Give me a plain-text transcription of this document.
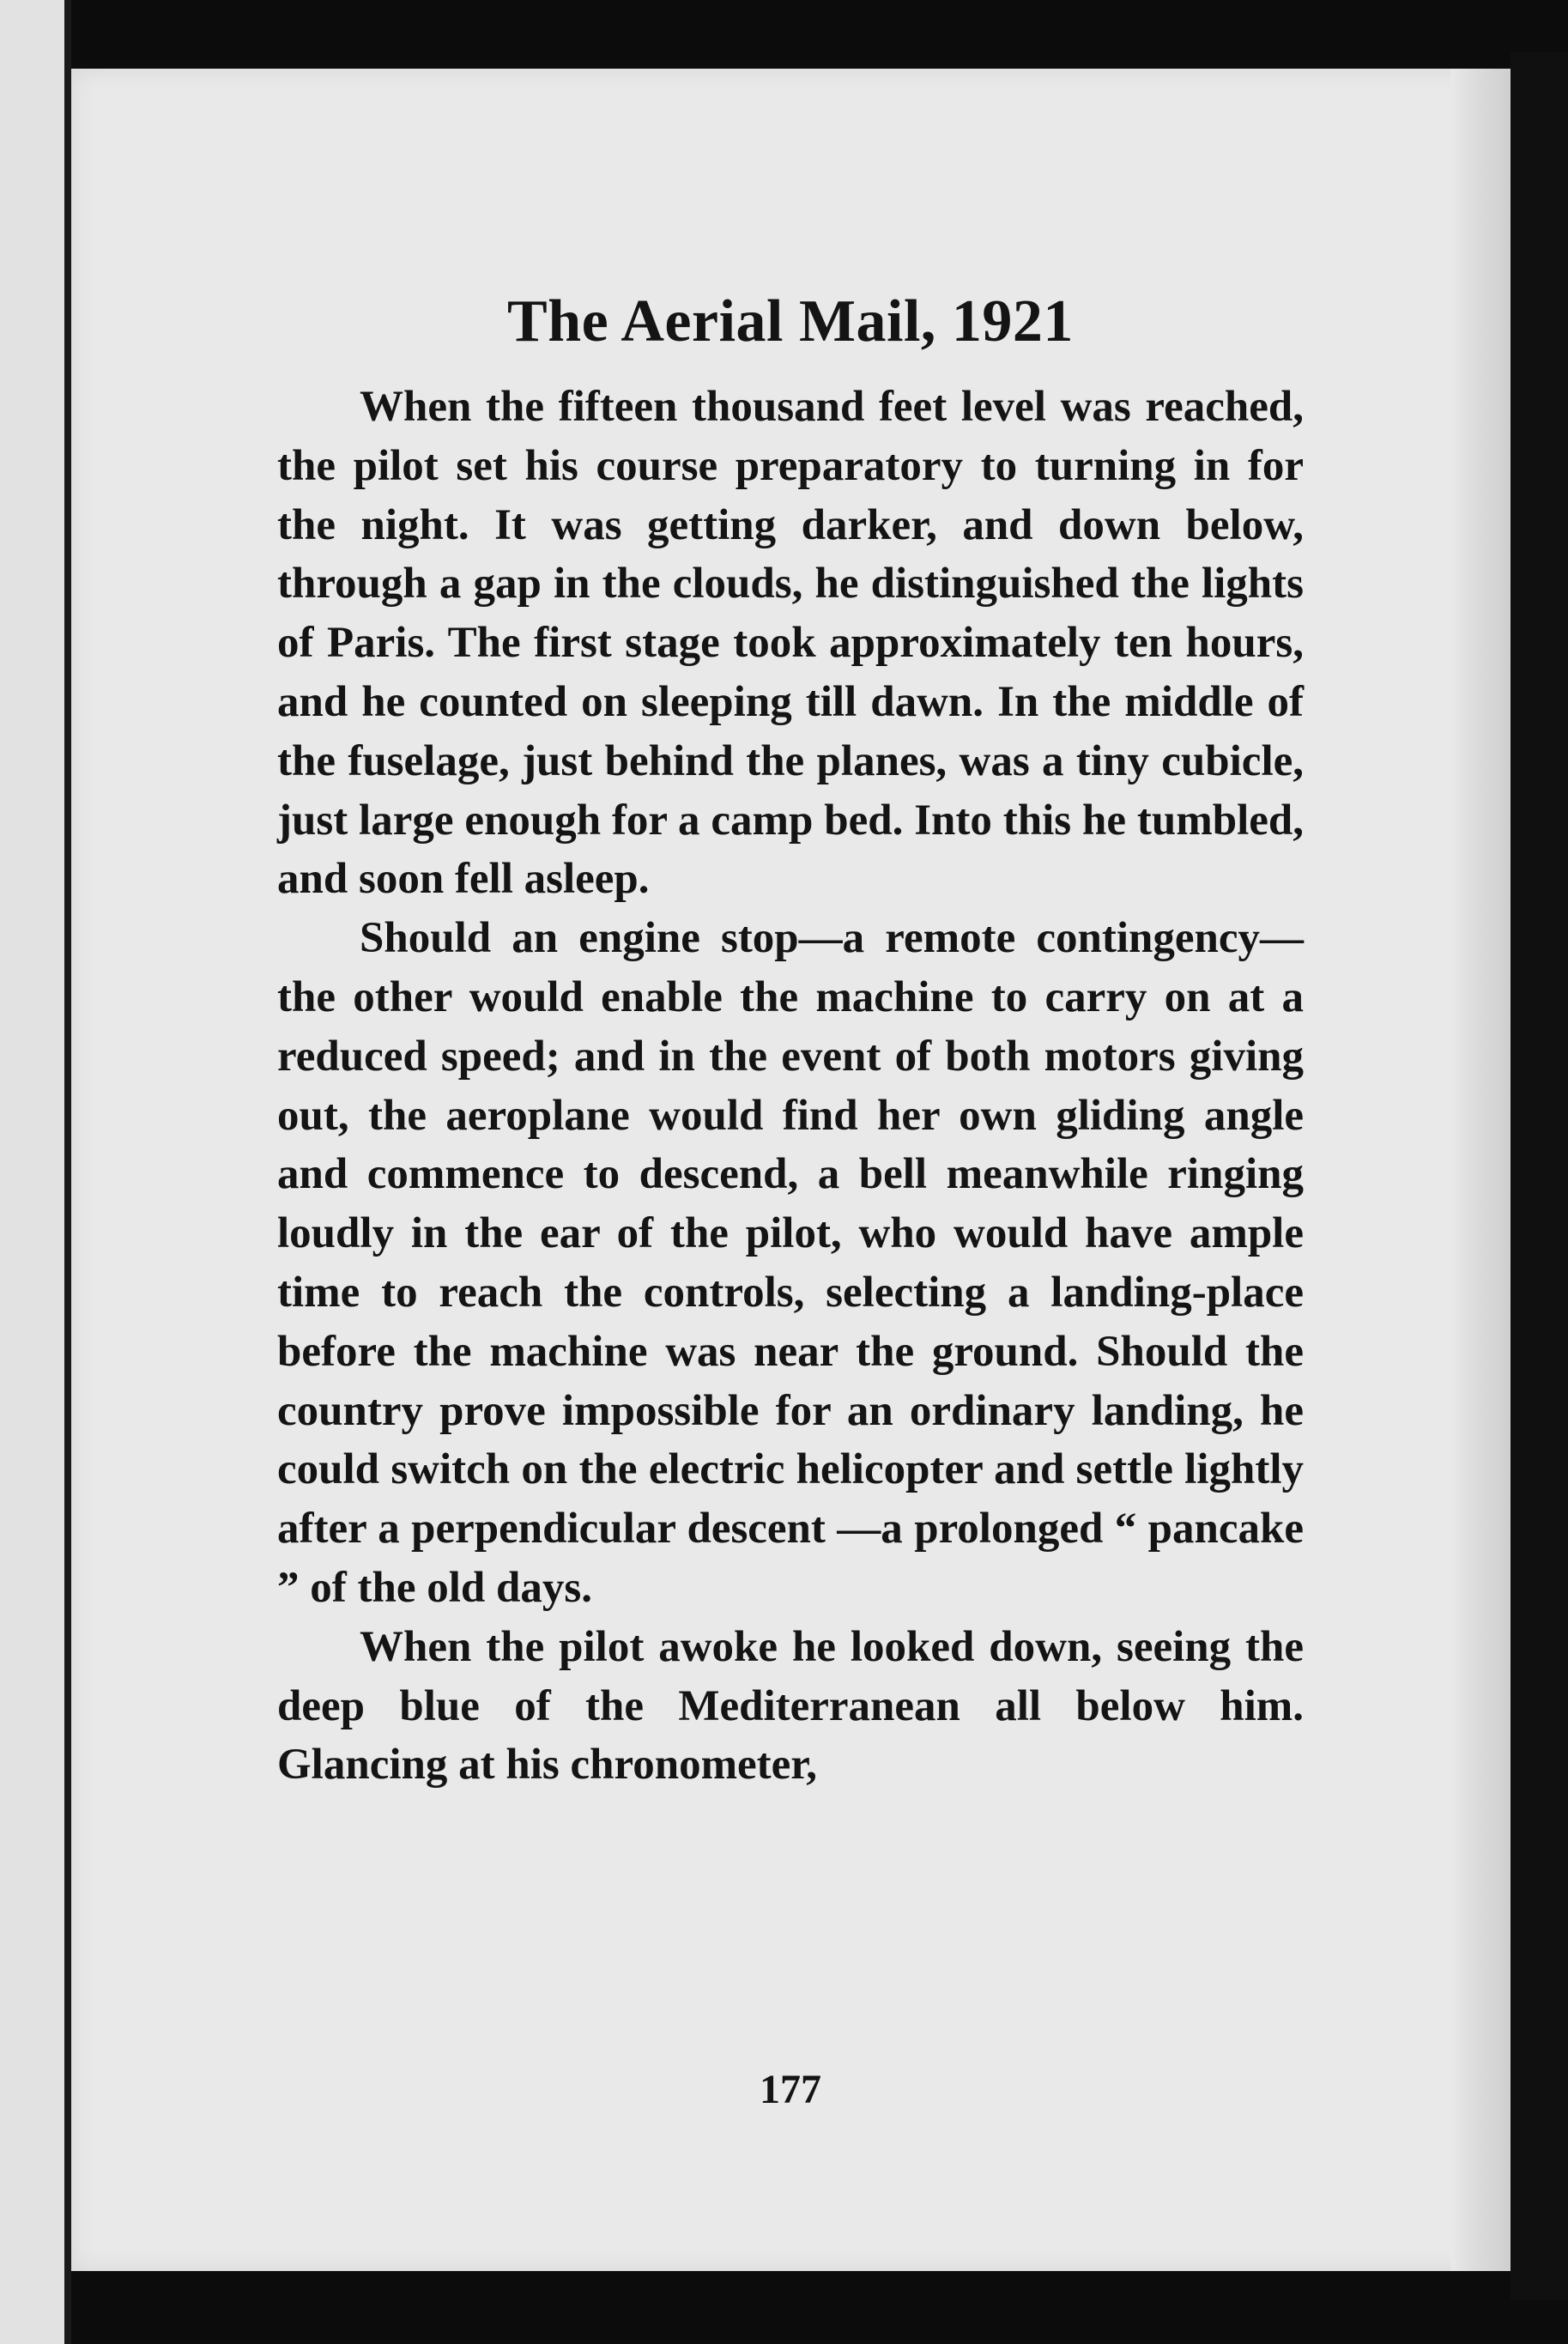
The Aerial Mail, 1921

When the fifteen thousand feet level was reached, the pilot set his course preparatory to turning in for the night. It was getting darker, and down below, through a gap in the clouds, he distinguished the lights of Paris. The first stage took approximately ten hours, and he counted on sleeping till dawn. In the middle of the fuselage, just behind the planes, was a tiny cubicle, just large enough for a camp bed. Into this he tumbled, and soon fell asleep.

Should an engine stop—a remote contingency—the other would enable the machine to carry on at a reduced speed; and in the event of both motors giving out, the aeroplane would find her own gliding angle and commence to descend, a bell meanwhile ringing loudly in the ear of the pilot, who would have ample time to reach the controls, selecting a landing-place before the machine was near the ground. Should the country prove impossible for an ordinary landing, he could switch on the electric helicopter and settle lightly after a perpendicular descent —a prolonged “ pancake ” of the old days.

When the pilot awoke he looked down, seeing the deep blue of the Mediterranean all below him. Glancing at his chronometer,

177
